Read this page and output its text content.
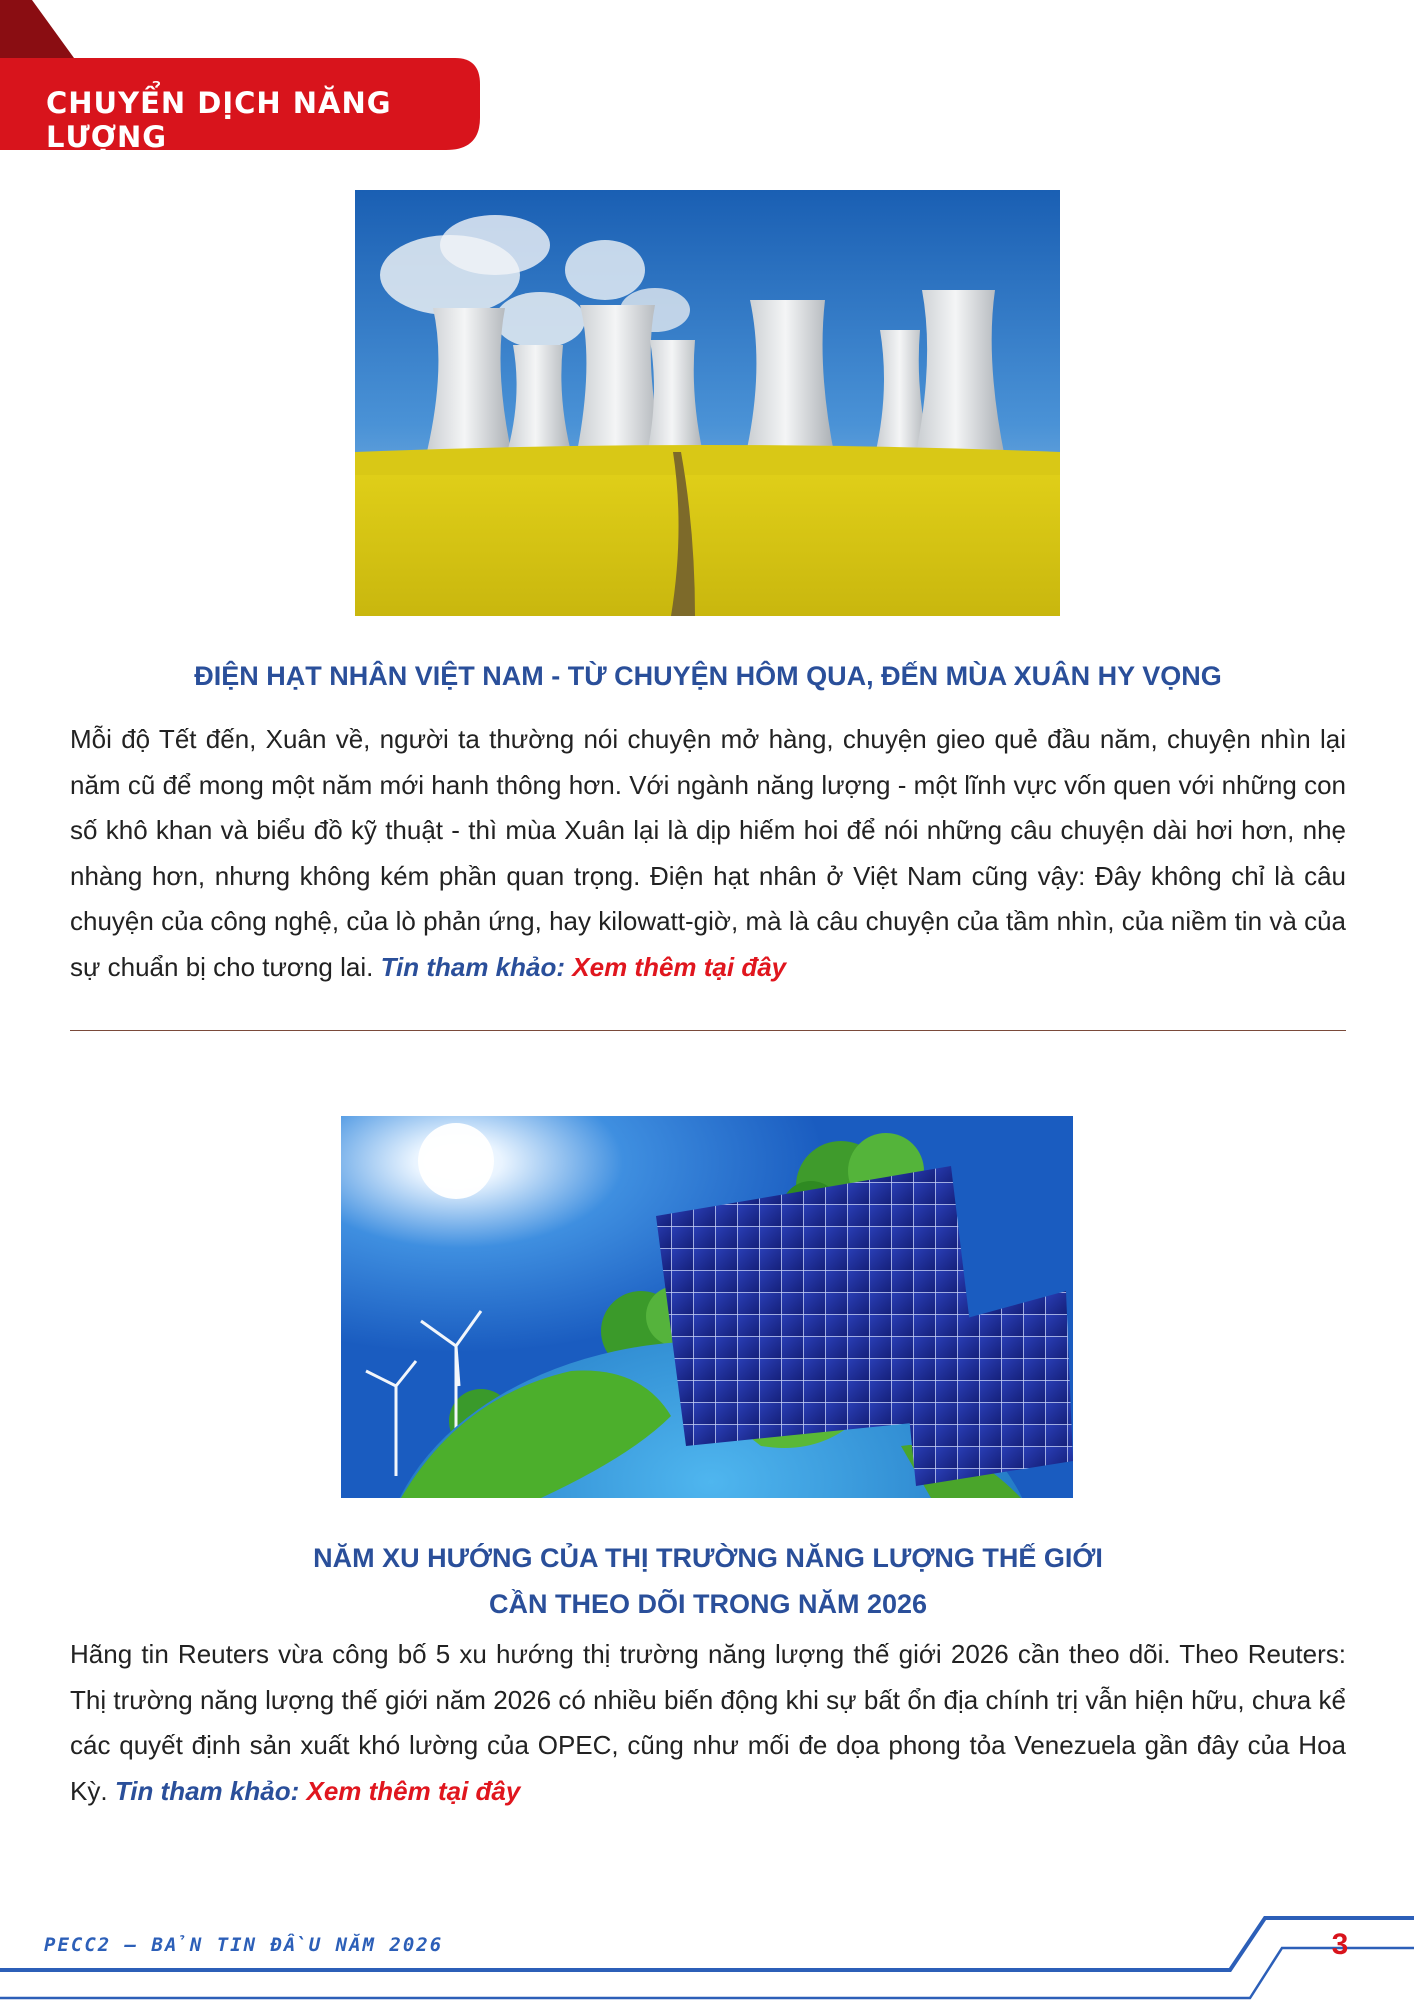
CHUYỂN DỊCH NĂNG LƯỢNG
ĐIỆN HẠT NHÂN VIỆT NAM - TỪ CHUYỆN HÔM QUA, ĐẾN MÙA XUÂN HY VỌNG
Mỗi độ Tết đến, Xuân về, người ta thường nói chuyện mở hàng, chuyện gieo quẻ đầu năm, chuyện nhìn lại năm cũ để mong một năm mới hanh thông hơn. Với ngành năng lượng - một lĩnh vực vốn quen với những con số khô khan và biểu đồ kỹ thuật - thì mùa Xuân lại là dịp hiếm hoi để nói những câu chuyện dài hơi hơn, nhẹ nhàng hơn, nhưng không kém phần quan trọng. Điện hạt nhân ở Việt Nam cũng vậy: Đây không chỉ là câu chuyện của công nghệ, của lò phản ứng, hay kilowatt-giờ, mà là câu chuyện của tầm nhìn, của niềm tin và của sự chuẩn bị cho tương lai. Tin tham khảo: Xem thêm tại đây
NĂM XU HƯỚNG CỦA THỊ TRƯỜNG NĂNG LƯỢNG THẾ GIỚI
CẦN THEO DÕI TRONG NĂM 2026
Hãng tin Reuters vừa công bố 5 xu hướng thị trường năng lượng thế giới 2026 cần theo dõi. Theo Reuters: Thị trường năng lượng thế giới năm 2026 có nhiều biến động khi sự bất ổn địa chính trị vẫn hiện hữu, chưa kể các quyết định sản xuất khó lường của OPEC, cũng như mối đe dọa phong tỏa Venezuela gần đây của Hoa Kỳ. Tin tham khảo: Xem thêm tại đây
PECC2 – BẢN TIN ĐẦU NĂM 2026	3
